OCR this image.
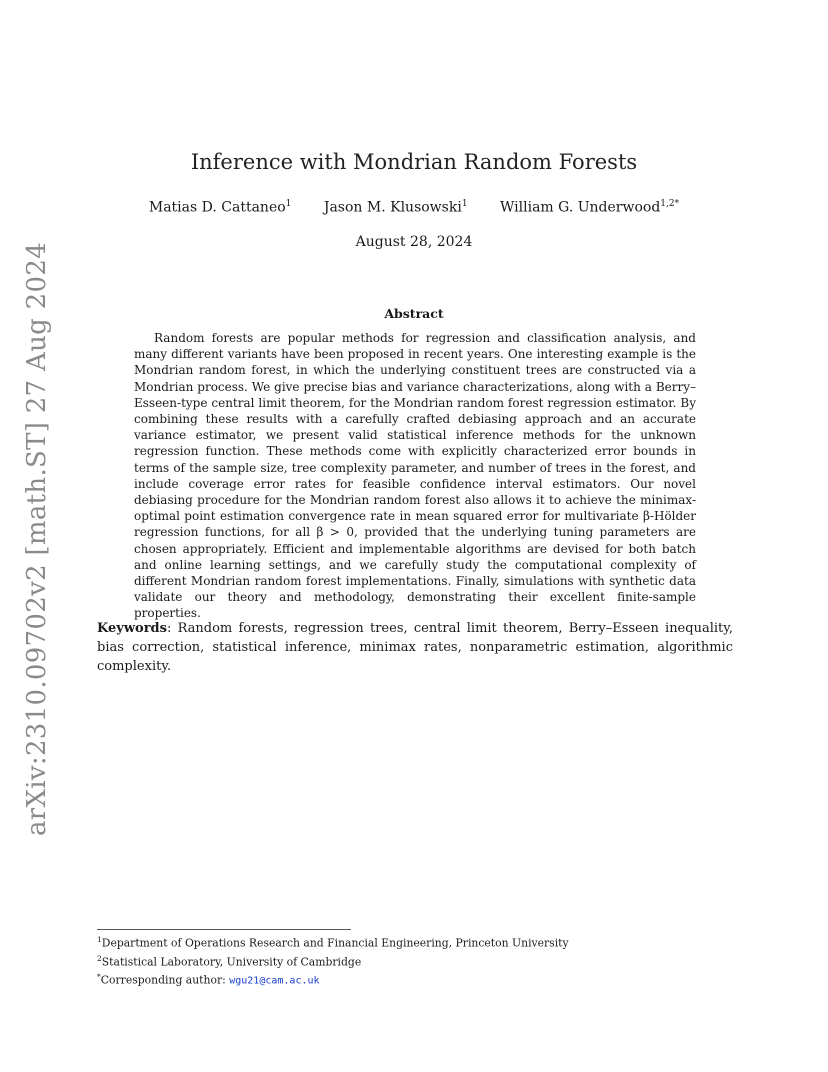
arXiv:2310.09702v2 [math.ST] 27 Aug 2024
Inference with Mondrian Random Forests
Matias D. Cattaneo$^1$ Jason M. Klusowski$^1$ William G. Underwood$^{1,2*}$
August 28, 2024
Abstract
Random forests are popular methods for regression and classification analysis, and many different variants have been proposed in recent years. One interesting example is the Mondrian random forest, in which the underlying constituent trees are constructed via a Mondrian process. We give precise bias and variance characterizations, along with a Berry–Esseen-type central limit theorem, for the Mondrian random forest regression estimator. By combining these results with a carefully crafted debiasing approach and an accurate variance estimator, we present valid statistical inference methods for the unknown regression function. These methods come with explicitly characterized error bounds in terms of the sample size, tree complexity parameter, and number of trees in the forest, and include coverage error rates for feasible confidence interval estimators. Our novel debiasing procedure for the Mondrian random forest also allows it to achieve the minimax-optimal point estimation convergence rate in mean squared error for multivariate β-Hölder regression functions, for all β > 0, provided that the underlying tuning parameters are chosen appropriately. Efficient and implementable algorithms are devised for both batch and online learning settings, and we carefully study the computational complexity of different Mondrian random forest implementations. Finally, simulations with synthetic data validate our theory and methodology, demonstrating their excellent finite-sample properties.
Keywords: Random forests, regression trees, central limit theorem, Berry–Esseen inequality, bias correction, statistical inference, minimax rates, nonparametric estimation, algorithmic complexity.
$^1$Department of Operations Research and Financial Engineering, Princeton University
$^2$Statistical Laboratory, University of Cambridge
*Corresponding author: wgu21@cam.ac.uk
